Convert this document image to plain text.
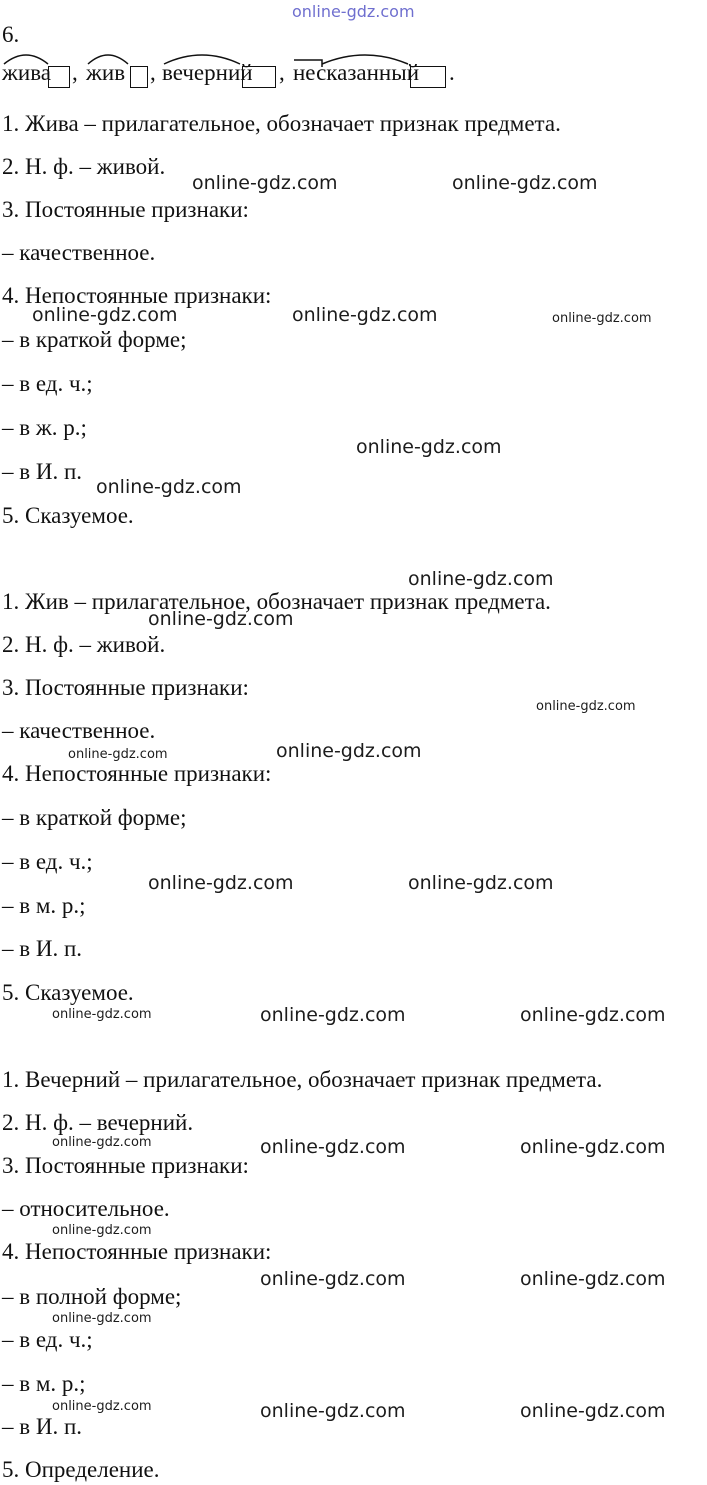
online-gdz.com
6.
жива , жив , вечерний , несказанный .

1. Жива – прилагательное, обозначает признак предмета.

2. Н. ф. – живой.

3. Постоянные признаки:

– качественное.

4. Непостоянные признаки:

– в краткой форме;

– в ед. ч.;

– в ж. р.;

– в И. п.

5. Сказуемое.

1. Жив – прилагательное, обозначает признак предмета.

2. Н. ф. – живой.

3. Постоянные признаки:

– качественное.

4. Непостоянные признаки:

– в краткой форме;

– в ед. ч.;

– в м. р.;

– в И. п.

5. Сказуемое.

1. Вечерний – прилагательное, обозначает признак предмета.

2. Н. ф. – вечерний.

3. Постоянные признаки:

– относительное.

4. Непостоянные признаки:

– в полной форме;

– в ед. ч.;

– в м. р.;

– в И. п.

5. Определение.

online-gdz.com	online-gdz.com
online-gdz.com	online-gdz.com	online-gdz.com
online-gdz.com
online-gdz.com
online-gdz.com
online-gdz.com
online-gdz.com
online-gdz.com
online-gdz.com
online-gdz.com	online-gdz.com
online-gdz.com	online-gdz.com	online-gdz.com
online-gdz.com	online-gdz.com	online-gdz.com
online-gdz.com
online-gdz.com	online-gdz.com
online-gdz.com
online-gdz.com	online-gdz.com	online-gdz.com
